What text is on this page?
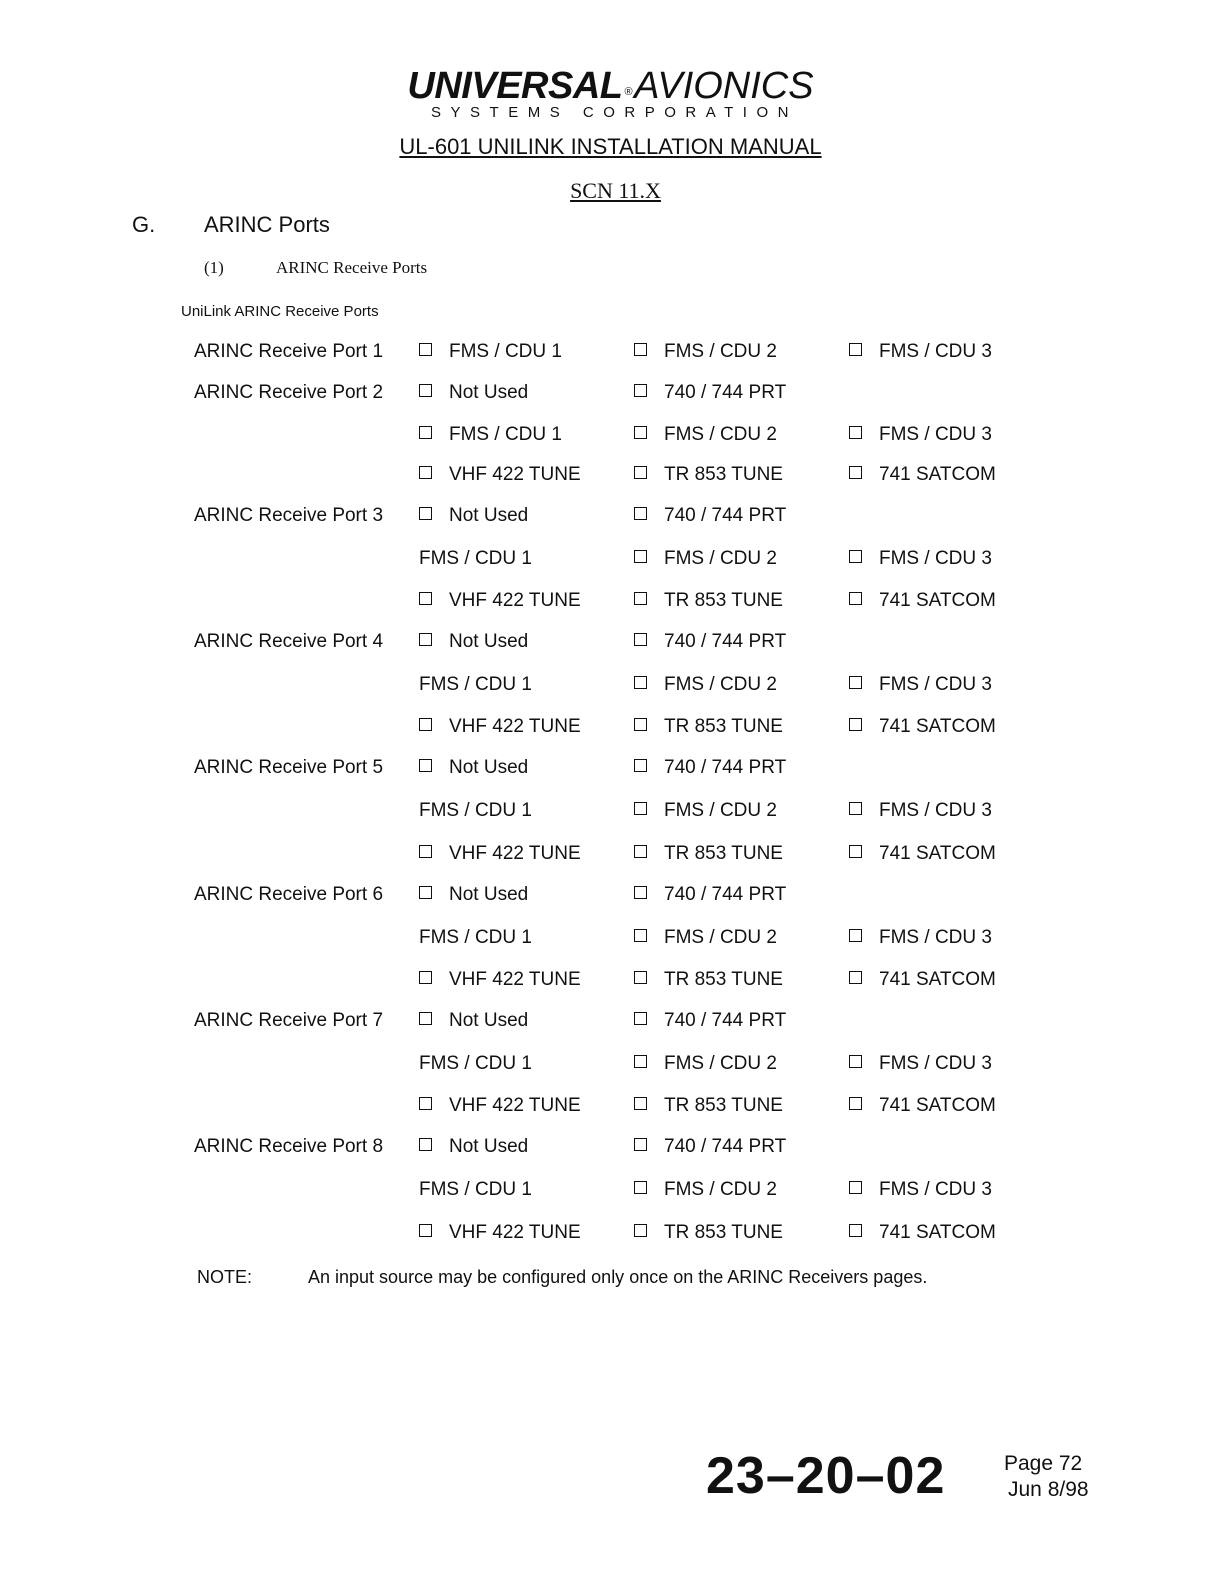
UNIVERSAL ®AVIONICS
SYSTEMS CORPORATION
UL-601 UNILINK INSTALLATION MANUAL
SCN 11.X
G. ARINC Ports
(1)	ARINC Receive Ports
UniLink ARINC Receive Ports
ARINC Receive Port 1	FMS / CDU 1	FMS / CDU 2	FMS / CDU 3
ARINC Receive Port 2	Not Used	740 / 744 PRT
FMS / CDU 1	FMS / CDU 2	FMS / CDU 3
VHF 422 TUNE	TR 853 TUNE	741 SATCOM
ARINC Receive Port 3	Not Used	740 / 744 PRT
FMS / CDU 1	FMS / CDU 2	FMS / CDU 3
VHF 422 TUNE	TR 853 TUNE	741 SATCOM
ARINC Receive Port 4	Not Used	740 / 744 PRT
FMS / CDU 1	FMS / CDU 2	FMS / CDU 3
VHF 422 TUNE	TR 853 TUNE	741 SATCOM
ARINC Receive Port 5	Not Used	740 / 744 PRT
FMS / CDU 1	FMS / CDU 2	FMS / CDU 3
VHF 422 TUNE	TR 853 TUNE	741 SATCOM
ARINC Receive Port 6	Not Used	740 / 744 PRT
FMS / CDU 1	FMS / CDU 2	FMS / CDU 3
VHF 422 TUNE	TR 853 TUNE	741 SATCOM
ARINC Receive Port 7	Not Used	740 / 744 PRT
FMS / CDU 1	FMS / CDU 2	FMS / CDU 3
VHF 422 TUNE	TR 853 TUNE	741 SATCOM
ARINC Receive Port 8	Not Used	740 / 744 PRT
FMS / CDU 1	FMS / CDU 2	FMS / CDU 3
VHF 422 TUNE	TR 853 TUNE	741 SATCOM
NOTE:	An input source may be configured only once on the ARINC Receivers pages.
23–20–02	Page 72
Jun 8/98
